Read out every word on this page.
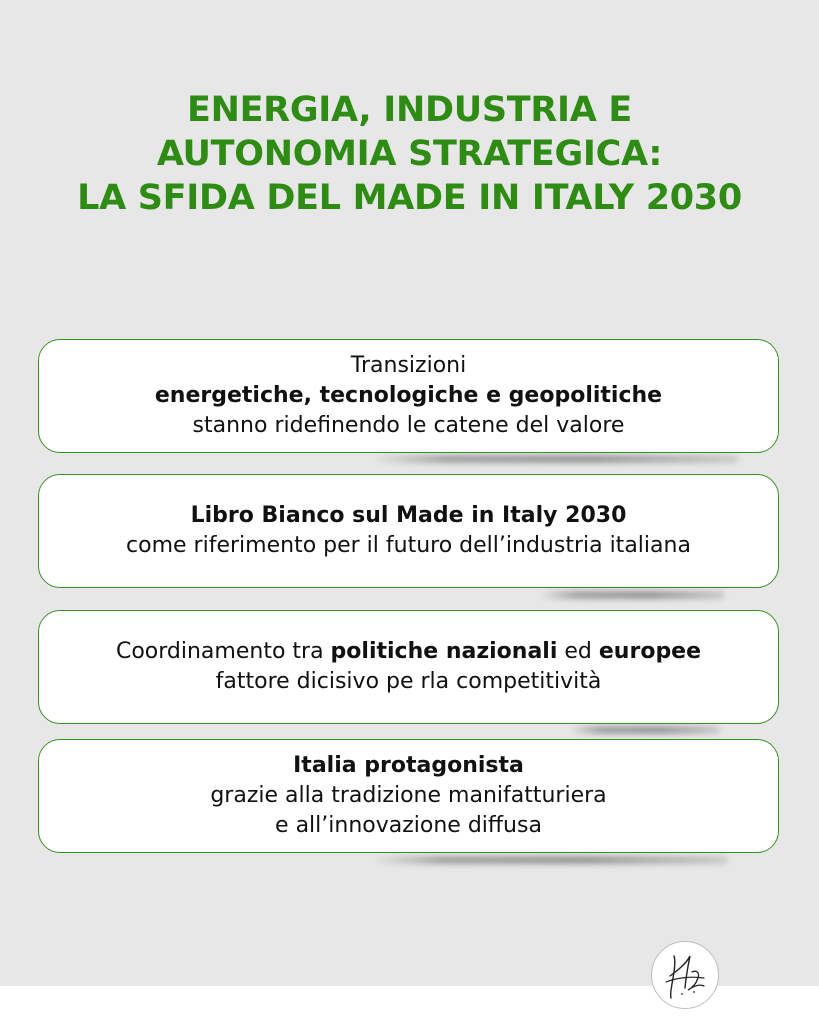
ENERGIA, INDUSTRIA E
AUTONOMIA STRATEGICA:
LA SFIDA DEL MADE IN ITALY 2030
Transizioni
energetiche, tecnologiche e geopolitiche
stanno ridefinendo le catene del valore
Libro Bianco sul Made in Italy 2030
come riferimento per il futuro dell’industria italiana
Coordinamento tra politiche nazionali ed europee
fattore dicisivo pe rla competitività
Italia protagonista
grazie alla tradizione manifatturiera
e all’innovazione diffusa
